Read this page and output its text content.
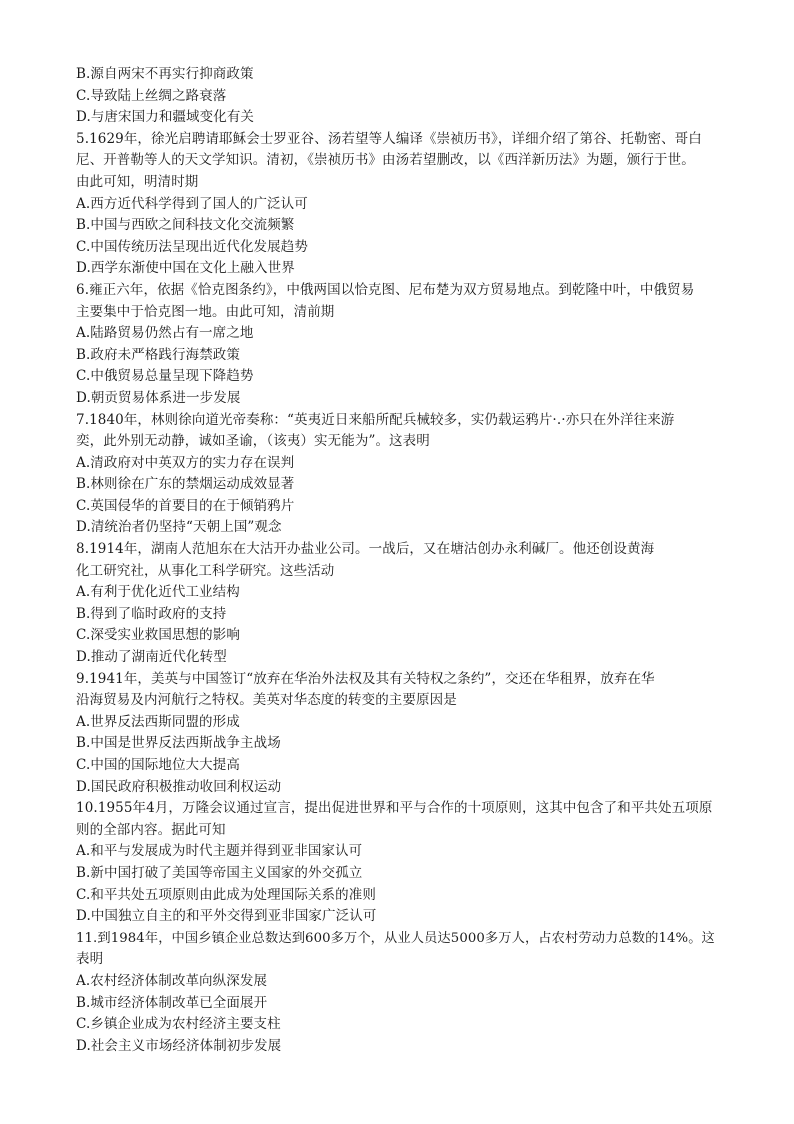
B.源自两宋不再实行抑商政策
C.导致陆上丝绸之路衰落
D.与唐宋国力和疆域变化有关
5.1629年，徐光启聘请耶稣会士罗亚谷、汤若望等人编译《崇祯历书》，详细介绍了第谷、托勒密、哥白
尼、开普勒等人的天文学知识。清初，《崇祯历书》由汤若望删改，以《西洋新历法》为题，颁行于世。
由此可知，明清时期
A.西方近代科学得到了国人的广泛认可
B.中国与西欧之间科技文化交流频繁
C.中国传统历法呈现出近代化发展趋势
D.西学东渐使中国在文化上融入世界
6.雍正六年，依据《恰克图条约》，中俄两国以恰克图、尼布楚为双方贸易地点。到乾隆中叶，中俄贸易
主要集中于恰克图一地。由此可知，清前期
A.陆路贸易仍然占有一席之地
B.政府未严格践行海禁政策
C.中俄贸易总量呈现下降趋势
D.朝贡贸易体系进一步发展
7.1840年，林则徐向道光帝奏称：“英夷近日来船所配兵械较多，实仍载运鸦片·.·亦只在外洋往来游
奕，此外别无动静，诚如圣谕，（该夷）实无能为”。这表明
A.清政府对中英双方的实力存在误判
B.林则徐在广东的禁烟运动成效显著
C.英国侵华的首要目的在于倾销鸦片
D.清统治者仍坚持“天朝上国”观念
8.1914年，湖南人范旭东在大沽开办盐业公司。一战后，又在塘沽创办永利碱厂。他还创设黄海
化工研究社，从事化工科学研究。这些活动
A.有利于优化近代工业结构
B.得到了临时政府的支持
C.深受实业救国思想的影响
D.推动了湖南近代化转型
9.1941年，美英与中国签订“放弃在华治外法权及其有关特权之条约”，交还在华租界，放弃在华
沿海贸易及内河航行之特权。美英对华态度的转变的主要原因是
A.世界反法西斯同盟的形成
B.中国是世界反法西斯战争主战场
C.中国的国际地位大大提高
D.国民政府积极推动收回利权运动
10.1955年4月，万隆会议通过宣言，提出促进世界和平与合作的十项原则，这其中包含了和平共处五项原
则的全部内容。据此可知
A.和平与发展成为时代主题并得到亚非国家认可
B.新中国打破了美国等帝国主义国家的外交孤立
C.和平共处五项原则由此成为处理国际关系的准则
D.中国独立自主的和平外交得到亚非国家广泛认可
11.到1984年，中国乡镇企业总数达到600多万个，从业人员达5000多万人，占农村劳动力总数的14%。这
表明
A.农村经济体制改革向纵深发展
B.城市经济体制改革已全面展开
C.乡镇企业成为农村经济主要支柱
D.社会主义市场经济体制初步发展
